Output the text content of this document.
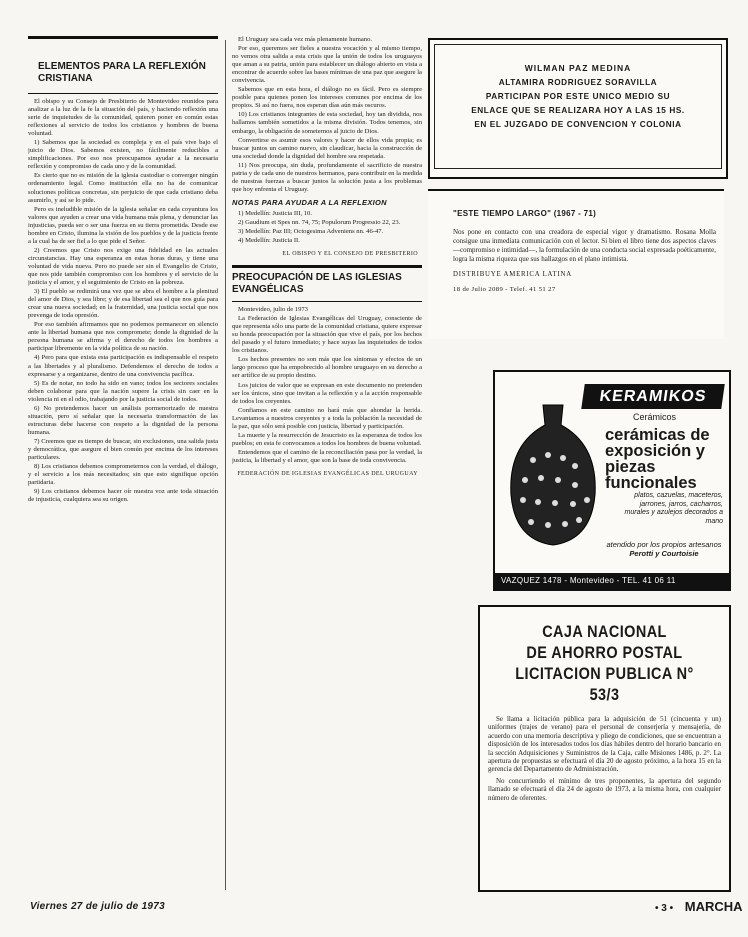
ELEMENTOS PARA LA REFLEXIÓN CRISTIANA
El obispo y su Consejo de Presbiterio de Montevideo reunidos para analizar a la luz de la fe la situación del país, y haciendo reflexión una serie de inquietudes de la comunidad, quieren poner en común estas reflexiones al servicio de todos los cristianos y hombres de buena voluntad.
1) Sabemos que la sociedad es compleja y en el país vive bajo el juicio de Dios. Sabemos existen, no fácilmente reducibles a simplificaciones. Por eso nos preocupamos ayudar a la necesaria reflexión y compromiso de cada uno y de la comunidad.
Es cierto que no es misión de la iglesia custodiar o converger ningún ordenamiento legal. Como institución ella no ha de comunicar soluciones políticas concretas, sin perjuicio de que cada cristiano deba asumirlo, y así se lo pide.
Pero es ineludible misión de la iglesia señalar en cada coyuntura los valores que ayuden a crear una vida humana más plena, y denunciar las injusticias, pueda ser o ser una fuerza en su tierra prometida. Desde ese hombre en Cristo, ilumina la visión de los pueblos y de la justicia frente a la cual ha de ser fiel a lo que pide el Señor.
2) Creemos que Cristo nos exige una fidelidad en las actuales circunstancias. Hay una esperanza en estas horas duras, y tiene una voluntad de vida nueva. Pero no puede ser sin el Evangelio de Cristo, que nos pide también compromiso con los hombres y el servicio de la justicia y el amor, y el seguimiento de Cristo en la pobreza.
3) El pueblo se redimirá una vez que se abra el hombre a la plenitud del amor de Dios, y sea libre; y de esa libertad sea el que nos guía para crear una nueva sociedad; en la fraternidad, una justicia social que nos prevenga de toda opresión.
Por eso también afirmamos que no podemos permanecer en silencio ante la libertad humana que nos compromete; donde la dignidad de la persona humana se afirma y el derecho de todos los hombres a participar libremente en la vida política de su nación.
4) Pero para que exista esta participación es indispensable el respeto a las libertades y al pluralismo. Defendemos el derecho de todos a expresarse y a organizarse, dentro de una convivencia pacífica.
5) Es de notar, no todo ha sido en vano; todos los sectores sociales deben colaborar para que la nación supere la crisis sin caer en la violencia ni en el odio, trabajando por la justicia social de todos.
6) No pretendemos hacer un análisis pormenorizado de nuestra situación, pero sí señalar que la necesaria transformación de las estructuras debe hacerse con respeto a la dignidad de la persona humana.
7) Creemos que es tiempo de buscar, sin exclusiones, una salida justa y democrática, que asegure el bien común por encima de los intereses particulares.
8) Los cristianos debemos comprometernos con la verdad, el diálogo, y el servicio a los más necesitados; sin que esto signifique opción partidaria.
9) Los cristianos debemos hacer oír nuestra voz ante toda situación de injusticia, cualquiera sea su origen.
El Uruguay sea cada vez más plenamente humano.
Por eso, queremos ser fieles a nuestra vocación y al mismo tiempo, no vemos otra salida a esta crisis que la unión de todos los uruguayos que aman a su patria, unión para establecer un diálogo abierto en vista a encontrar de acuerdo sobre las bases mínimas de una paz que asegure la convivencia.
Sabemos que en esta hora, el diálogo no es fácil. Pero es siempre posible para quienes ponen los intereses comunes por encima de los propios. Si así no fuera, nos esperan días aún más oscuros.
10) Los cristianos integrantes de esta sociedad, hoy tan dividida, nos hallamos también sometidos a la misma división. Todos tenemos, sin embargo, la obligación de someternos al juicio de Dios.
Convertirse es asumir esos valores y hacer de ellos vida propia; es buscar juntos un camino nuevo, sin claudicar, hacia la construcción de una sociedad donde la dignidad del hombre sea respetada.
11) Nos preocupa, sin duda, profundamente el sacrificio de nuestra patria y de cada uno de nuestros hermanos, para contribuir en la medida de nuestras fuerzas a buscar juntos la solución justa a los problemas que hoy enfrenta el Uruguay.
NOTAS PARA AYUDAR A LA REFLEXION
1) Medellín: Justicia III, 10.
2) Gaudium et Spes nn. 74, 75; Populorum Progressio 22, 23.
3) Medellín: Paz III; Octogesima Adveniens nn. 46-47.
4) Medellín: Justicia II.
EL OBISPO Y EL CONSEJO DE PRESBITERIO
PREOCUPACIÓN DE LAS IGLESIAS EVANGÉLICAS
Montevideo, julio de 1973
La Federación de Iglesias Evangélicas del Uruguay, consciente de que representa sólo una parte de la comunidad cristiana, quiere expresar su honda preocupación por la situación que vive el país, por los hechos del pasado y el futuro inmediato; y hace suyas las inquietudes de todos los cristianos.
Los hechos presentes no son más que los síntomas y efectos de un largo proceso que ha empobrecido al hombre uruguayo en su derecho a ser artífice de su propio destino.
Los juicios de valor que se expresan en este documento no pretenden ser los únicos, sino que invitan a la reflexión y a la acción responsable de todos los creyentes.
Confiamos en este camino no hará más que ahondar la herida. Levantamos a nuestros creyentes y a toda la población la necesidad de la paz, que sólo será posible con justicia, libertad y participación.
La muerte y la resurrección de Jesucristo es la esperanza de todos los pueblos; en esta fe convocamos a todos los hombres de buena voluntad.
Entendemos que el camino de la reconciliación pasa por la verdad, la justicia, la libertad y el amor, que son la base de toda convivencia.
FEDERACIÓN DE IGLESIAS EVANGÉLICAS DEL URUGUAY
WILMAN PAZ MEDINA
ALTAMIRA RODRIGUEZ SORAVILLA
PARTICIPAN POR ESTE UNICO MEDIO SU
ENLACE QUE SE REALIZARA HOY A LAS 15 HS.
EN EL JUZGADO DE CONVENCION Y COLONIA
"ESTE TIEMPO LARGO" (1967 - 71)
Nos pone en contacto con una creadora de especial vigor y dramatismo. Rosana Molla consigue una inmediata comunicación con el lector. Si bien el libro tiene dos aspectos claves —compromiso e intimidad—, la formulación de una conducta social expresada poéticamente, logra la misma riqueza que sus hallazgos en el plano intimista.
DISTRIBUYE AMERICA LATINA
18 de Julio 2089 - Telef. 41 51 27
KERAMIKOS
Cerámicos
cerámicas de exposición y piezas funcionales
platos, cazuelas, maceteros, jarrones, jarros, cacharros, murales y azulejos decorados a mano
atendido por los propios artesanos
Perotti y Courtoisie
VAZQUEZ 1478 - Montevideo - TEL. 41 06 11
CAJA NACIONAL
DE AHORRO POSTAL
LICITACION PUBLICA N° 53/3
Se llama a licitación pública para la adquisición de 51 (cincuenta y un) uniformes (trajes de verano) para el personal de conserjería y mensajería, de acuerdo con una memoria descriptiva y pliego de condiciones, que se encuentran a disposición de los interesados todos los días hábiles dentro del horario bancario en la sección Adquisiciones y Suministros de la Caja, calle Misiones 1486, p. 2°. La apertura de propuestas se efectuará el día 20 de agosto próximo, a la hora 15 en la gerencia del Departamento de Administración.
No concurriendo el mínimo de tres proponentes, la apertura del segundo llamado se efectuará el día 24 de agosto de 1973, a la misma hora, con cualquier número de oferentes.
Viernes 27 de julio de 1973	• 3 • MARCHA
